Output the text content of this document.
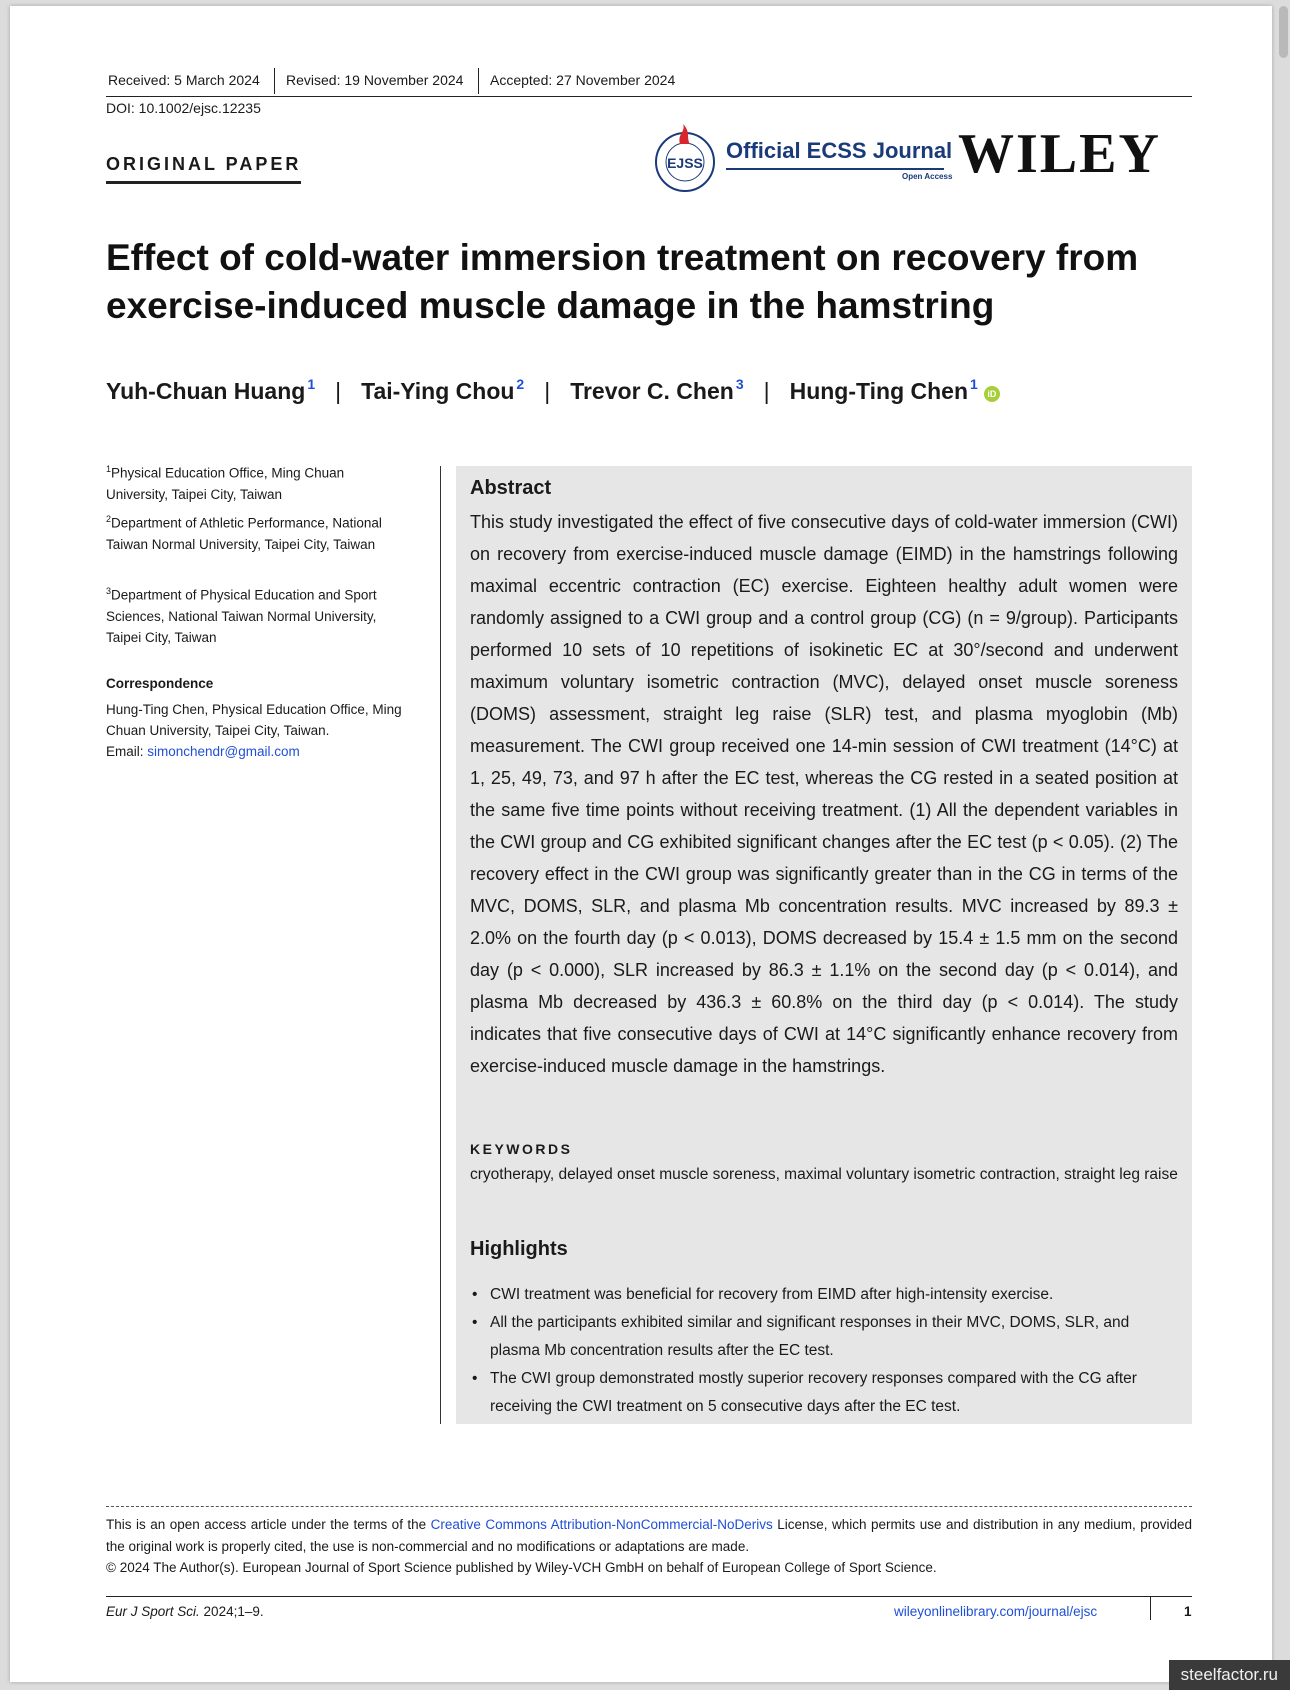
Received: 5 March 2024 Revised: 19 November 2024 Accepted: 27 November 2024
DOI: 10.1002/ejsc.12235
ORIGINAL PAPER	EJSS Official ECSS Journal
Open Access WILEY
Effect of cold-water immersion treatment on recovery from exercise-induced muscle damage in the hamstring
Yuh-Chuan Huang $^1$ | Tai-Ying Chou $^2$ | Trevor C. Chen $^3$ | Hung-Ting Chen $^1$iD
$^1$Physical Education Office, Ming Chuan University, Taipei City, Taiwan
$^2$Department of Athletic Performance, National Taiwan Normal University, Taipei City, Taiwan
$^3$Department of Physical Education and Sport Sciences, National Taiwan Normal University, Taipei City, Taiwan
Correspondence
Hung-Ting Chen, Physical Education Office, Ming Chuan University, Taipei City, Taiwan.
Email: simonchendr@gmail.com
Abstract
This study investigated the effect of five consecutive days of cold-water immersion (CWI) on recovery from exercise-induced muscle damage (EIMD) in the hamstrings following maximal eccentric contraction (EC) exercise. Eighteen healthy adult women were randomly assigned to a CWI group and a control group (CG) (n = 9/group). Participants performed 10 sets of 10 repetitions of isokinetic EC at 30°/second and underwent maximum voluntary isometric contraction (MVC), delayed onset muscle soreness (DOMS) assessment, straight leg raise (SLR) test, and plasma myoglobin (Mb) measurement. The CWI group received one 14-min session of CWI treatment (14°C) at 1, 25, 49, 73, and 97 h after the EC test, whereas the CG rested in a seated position at the same five time points without receiving treatment. (1) All the dependent variables in the CWI group and CG exhibited significant changes after the EC test (p < 0.05). (2) The recovery effect in the CWI group was significantly greater than in the CG in terms of the MVC, DOMS, SLR, and plasma Mb concentration results. MVC increased by 89.3 ± 2.0% on the fourth day (p < 0.013), DOMS decreased by 15.4 ± 1.5 mm on the second day (p < 0.000), SLR increased by 86.3 ± 1.1% on the second day (p < 0.014), and plasma Mb decreased by 436.3 ± 60.8% on the third day (p < 0.014). The study indicates that five consecutive days of CWI at 14°C significantly enhance recovery from exercise-induced muscle damage in the hamstrings.
KEYWORDS
cryotherapy, delayed onset muscle soreness, maximal voluntary isometric contraction, straight leg raise
Highlights
• CWI treatment was beneficial for recovery from EIMD after high-intensity exercise.
• All the participants exhibited similar and significant responses in their MVC, DOMS, SLR, and plasma Mb concentration results after the EC test.
• The CWI group demonstrated mostly superior recovery responses compared with the CG after receiving the CWI treatment on 5 consecutive days after the EC test.
This is an open access article under the terms of the Creative Commons Attribution-NonCommercial-NoDerivs License, which permits use and distribution in any medium, provided the original work is properly cited, the use is non-commercial and no modifications or adaptations are made.
© 2024 The Author(s). European Journal of Sport Science published by Wiley-VCH GmbH on behalf of European College of Sport Science.
Eur J Sport Sci. 2024;1–9.	wileyonlinelibrary.com/journal/ejsc	1
steelfactor.ru
